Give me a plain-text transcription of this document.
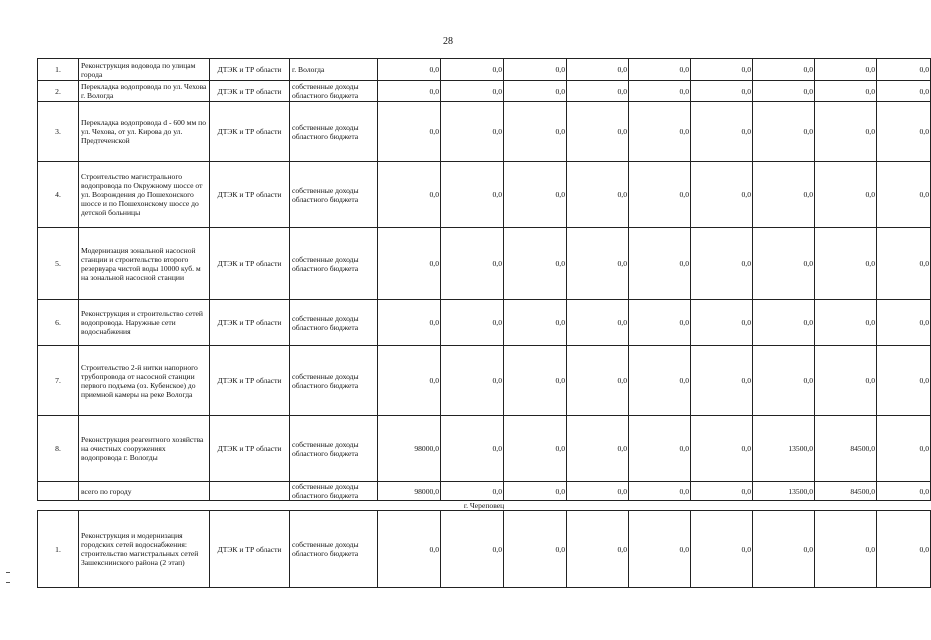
28
1.	Реконструкция водовода по улицам города	ДТЭК и ТР области	г. Вологда	0,0	0,0	0,0	0,0	0,0	0,0	0,0	0,0	0,0
2.	Перекладка водопровода по ул. Чехова г. Вологда	ДТЭК и ТР области	собственные доходы областного бюджета	0,0	0,0	0,0	0,0	0,0	0,0	0,0	0,0	0,0
3.	Перекладка водопровода d - 600 мм по ул. Чехова, от ул. Кирова до ул. Предтеченской	ДТЭК и ТР области	собственные доходы областного бюджета	0,0	0,0	0,0	0,0	0,0	0,0	0,0	0,0	0,0
4.	Строительство магистрального водопровода по Окружному шоссе от ул. Возрождения до Пошехонского шоссе и по Пошехонскому шоссе до детской больницы	ДТЭК и ТР области	собственные доходы областного бюджета	0,0	0,0	0,0	0,0	0,0	0,0	0,0	0,0	0,0
5.	Модернизация зональной насосной станции и строительство второго резервуара чистой воды 10000 куб. м на зональной насосной станции	ДТЭК и ТР области	собственные доходы областного бюджета	0,0	0,0	0,0	0,0	0,0	0,0	0,0	0,0	0,0
6.	Реконструкция и строительство сетей водопровода. Наружные сети водоснабжения	ДТЭК и ТР области	собственные доходы областного бюджета	0,0	0,0	0,0	0,0	0,0	0,0	0,0	0,0	0,0
7.	Строительство 2-й нитки напорного трубопровода от насосной станции первого подъема (оз. Кубенское) до приемной камеры на реке Вологда	ДТЭК и ТР области	собственные доходы областного бюджета	0,0	0,0	0,0	0,0	0,0	0,0	0,0	0,0	0,0
8.	Реконструкция реагентного хозяйства на очистных сооружениях водопровода г. Вологды	ДТЭК и ТР области	собственные доходы областного бюджета	98000,0	0,0	0,0	0,0	0,0	0,0	13500,0	84500,0	0,0
	всего по городу		собственные доходы областного бюджета	98000,0	0,0	0,0	0,0	0,0	0,0	13500,0	84500,0	0,0
г. Череповец												
1.	Реконструкция и модернизация городских сетей водоснабжения: строительство магистральных сетей Зашекснинского района (2 этап)	ДТЭК и ТР области	собственные доходы областного бюджета	0,0	0,0	0,0	0,0	0,0	0,0	0,0	0,0	0,0
